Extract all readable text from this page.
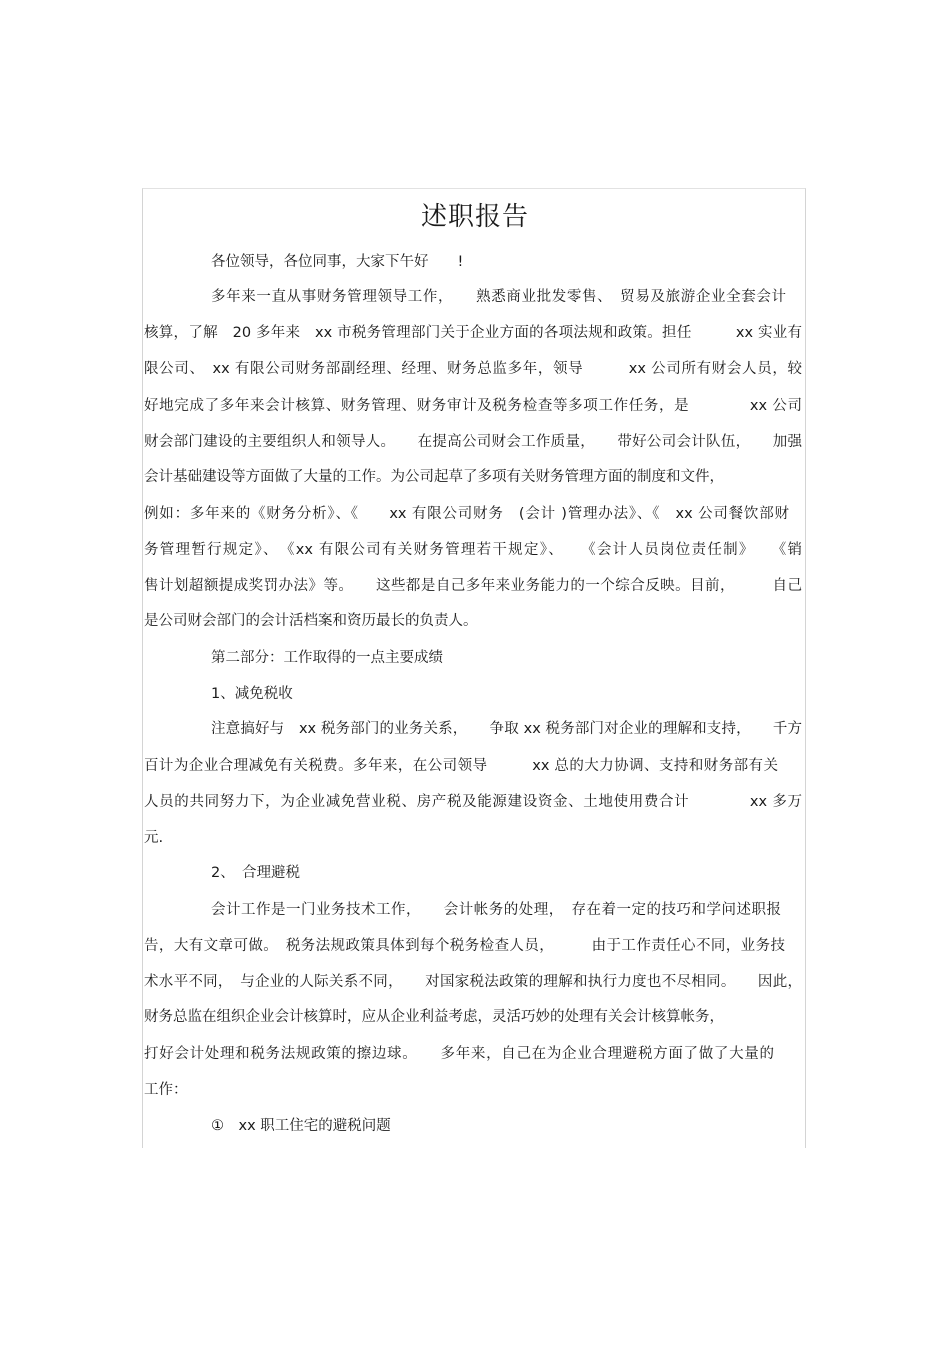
述职报告
各位领导，各位同事，大家下午好　　!
多年来一直从事财务管理领导工作，　　熟悉商业批发零售、　贸易及旅游企业全套会计
核算，了解　20 多年来　xx 市税务管理部门关于企业方面的各项法规和政策。担任　　　xx 实业有
限公司、　xx 有限公司财务部副经理、经理、财务总监多年，领导　　　xx 公司所有财会人员，较
好地完成了多年来会计核算、财务管理、财务审计及税务检查等多项工作任务，是　　　　xx 公司
财会部门建设的主要组织人和领导人。　　在提高公司财会工作质量，　　带好公司会计队伍，　　加强
会计基础建设等方面做了大量的工作。为公司起草了多项有关财务管理方面的制度和文件，
例如：多年来的《财务分析》、《　　xx 有限公司财务　(会计 )管理办法》、《　xx 公司餐饮部财
务管理暂行规定》、　《xx 有限公司有关财务管理若干规定》、　　《会计人员岗位责任制》　　《销
售计划超额提成奖罚办法》等。　　这些都是自己多年来业务能力的一个综合反映。目前，　　　自己
是公司财会部门的会计活档案和资历最长的负责人。
第二部分：工作取得的一点主要成绩
1、减免税收
注意搞好与　xx 税务部门的业务关系，　　争取 xx 税务部门对企业的理解和支持，　　千方
百计为企业合理减免有关税费。多年来，在公司领导　　　xx 总的大力协调、支持和财务部有关
人员的共同努力下，为企业减免营业税、房产税及能源建设资金、土地使用费合计　　　　xx 多万
元.
2、　合理避税
会计工作是一门业务技术工作，　　会计帐务的处理，　存在着一定的技巧和学问述职报
告，大有文章可做。　税务法规政策具体到每个税务检查人员，　　　由于工作责任心不同，业务技
术水平不同，　与企业的人际关系不同，　　对国家税法政策的理解和执行力度也不尽相同。　　因此，
财务总监在组织企业会计核算时，应从企业利益考虑，灵活巧妙的处理有关会计核算帐务，
打好会计处理和税务法规政策的擦边球。　　多年来，自己在为企业合理避税方面了做了大量的
工作：
①　xx 职工住宅的避税问题
